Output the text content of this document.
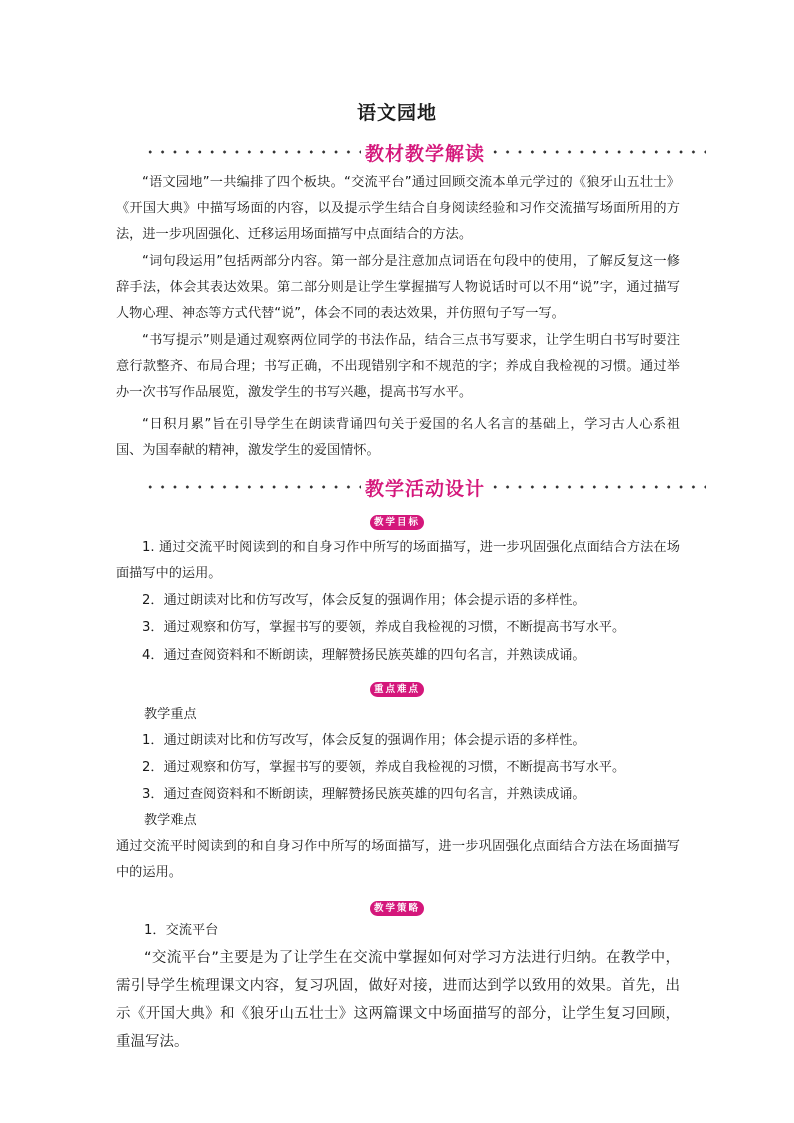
语文园地
教材教学解读
“语文园地”一共编排了四个板块。“交流平台”通过回顾交流本单元学过的《狼牙山五壮士》《开国大典》中描写场面的内容，以及提示学生结合自身阅读经验和习作交流描写场面所用的方法，进一步巩固强化、迁移运用场面描写中点面结合的方法。
“词句段运用”包括两部分内容。第一部分是注意加点词语在句段中的使用，了解反复这一修辞手法，体会其表达效果。第二部分则是让学生掌握描写人物说话时可以不用“说”字，通过描写人物心理、神态等方式代替“说”，体会不同的表达效果，并仿照句子写一写。
“书写提示”则是通过观察两位同学的书法作品，结合三点书写要求，让学生明白书写时要注意行款整齐、布局合理；书写正确，不出现错别字和不规范的字；养成自我检视的习惯。通过举办一次书写作品展览，激发学生的书写兴趣，提高书写水平。
“日积月累”旨在引导学生在朗读背诵四句关于爱国的名人名言的基础上，学习古人心系祖国、为国奉献的精神，激发学生的爱国情怀。
教学活动设计
教学目标
1. 通过交流平时阅读到的和自身习作中所写的场面描写，进一步巩固强化点面结合方法在场面描写中的运用。
2．通过朗读对比和仿写改写，体会反复的强调作用；体会提示语的多样性。
3．通过观察和仿写，掌握书写的要领，养成自我检视的习惯，不断提高书写水平。
4．通过查阅资料和不断朗读，理解赞扬民族英雄的四句名言，并熟读成诵。
重点难点
教学重点
1．通过朗读对比和仿写改写，体会反复的强调作用；体会提示语的多样性。
2．通过观察和仿写，掌握书写的要领，养成自我检视的习惯，不断提高书写水平。
3．通过查阅资料和不断朗读，理解赞扬民族英雄的四句名言，并熟读成诵。
教学难点
通过交流平时阅读到的和自身习作中所写的场面描写，进一步巩固强化点面结合方法在场面描写中的运用。
教学策略
1．交流平台
“交流平台”主要是为了让学生在交流中掌握如何对学习方法进行归纳。在教学中，需引导学生梳理课文内容，复习巩固，做好对接，进而达到学以致用的效果。首先，出示《开国大典》和《狼牙山五壮士》这两篇课文中场面描写的部分，让学生复习回顾，重温写法。
